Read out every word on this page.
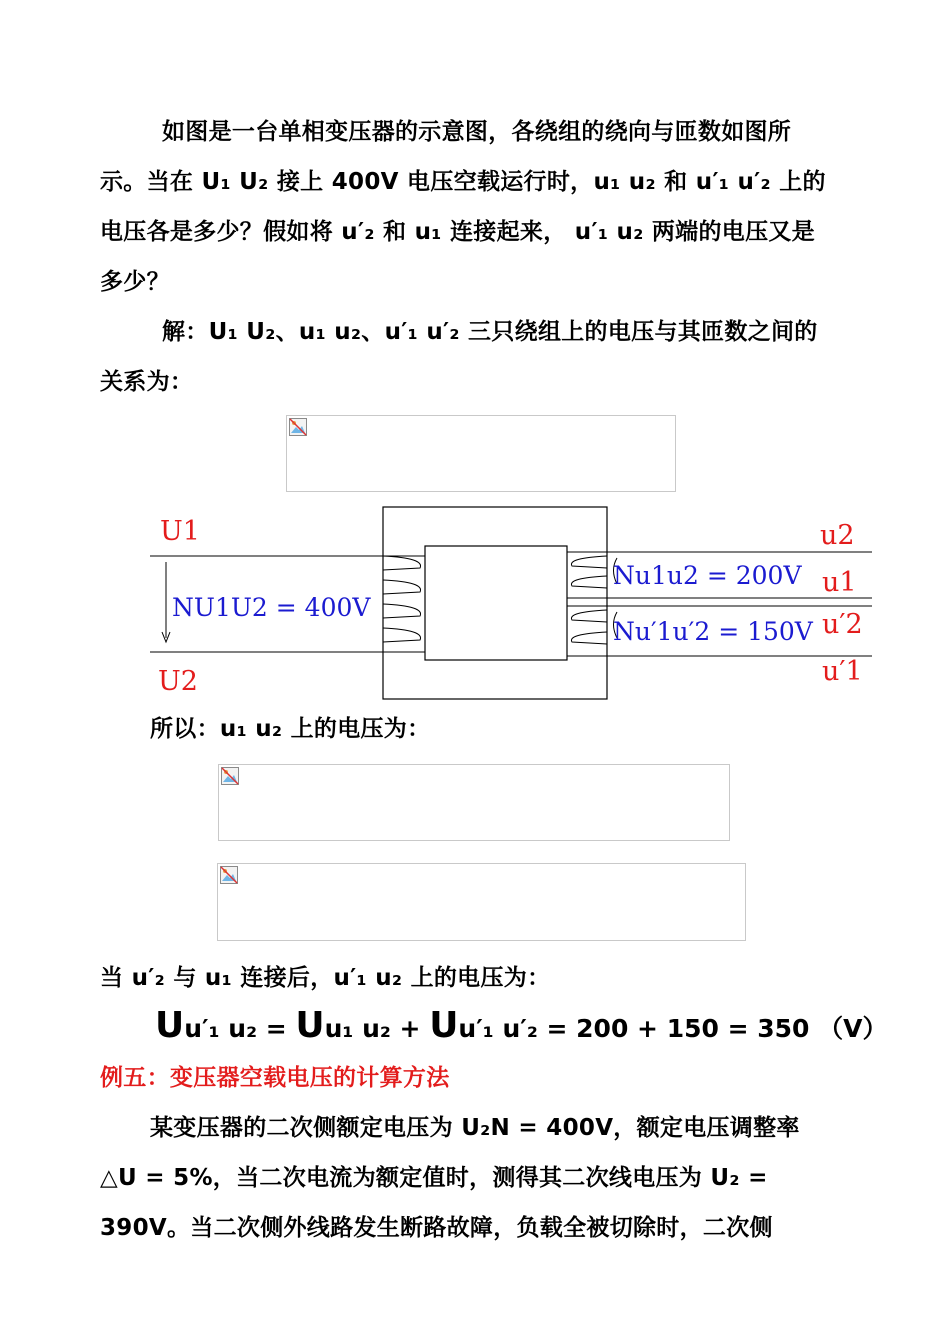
如图是一台单相变压器的示意图，各绕组的绕向与匝数如图所
示。当在 U₁ U₂ 接上 400V 电压空载运行时，u₁ u₂ 和 u′₁ u′₂ 上的
电压各是多少？假如将 u′₂ 和 u₁ 连接起来， u′₁ u₂ 两端的电压又是
多少？
解：U₁ U₂、u₁ u₂、u′₁ u′₂ 三只绕组上的电压与其匝数之间的
关系为：
U1
U2
NU1U2 = 400V
Nu1u2 = 200V
Nu′1u′2 = 150V
u2
u1
u′2
u′1
所以：u₁ u₂ 上的电压为：
当 u′₂ 与 u₁ 连接后，u′₁ u₂ 上的电压为：
Uu′₁ u₂ = Uu₁ u₂ + Uu′₁ u′₂ = 200 + 150 = 350 （V）
例五：变压器空载电压的计算方法
某变压器的二次侧额定电压为 U₂N = 400V，额定电压调整率
△U = 5%，当二次电流为额定值时，测得其二次线电压为 U₂ =
390V。当二次侧外线路发生断路故障，负载全被切除时，二次侧
